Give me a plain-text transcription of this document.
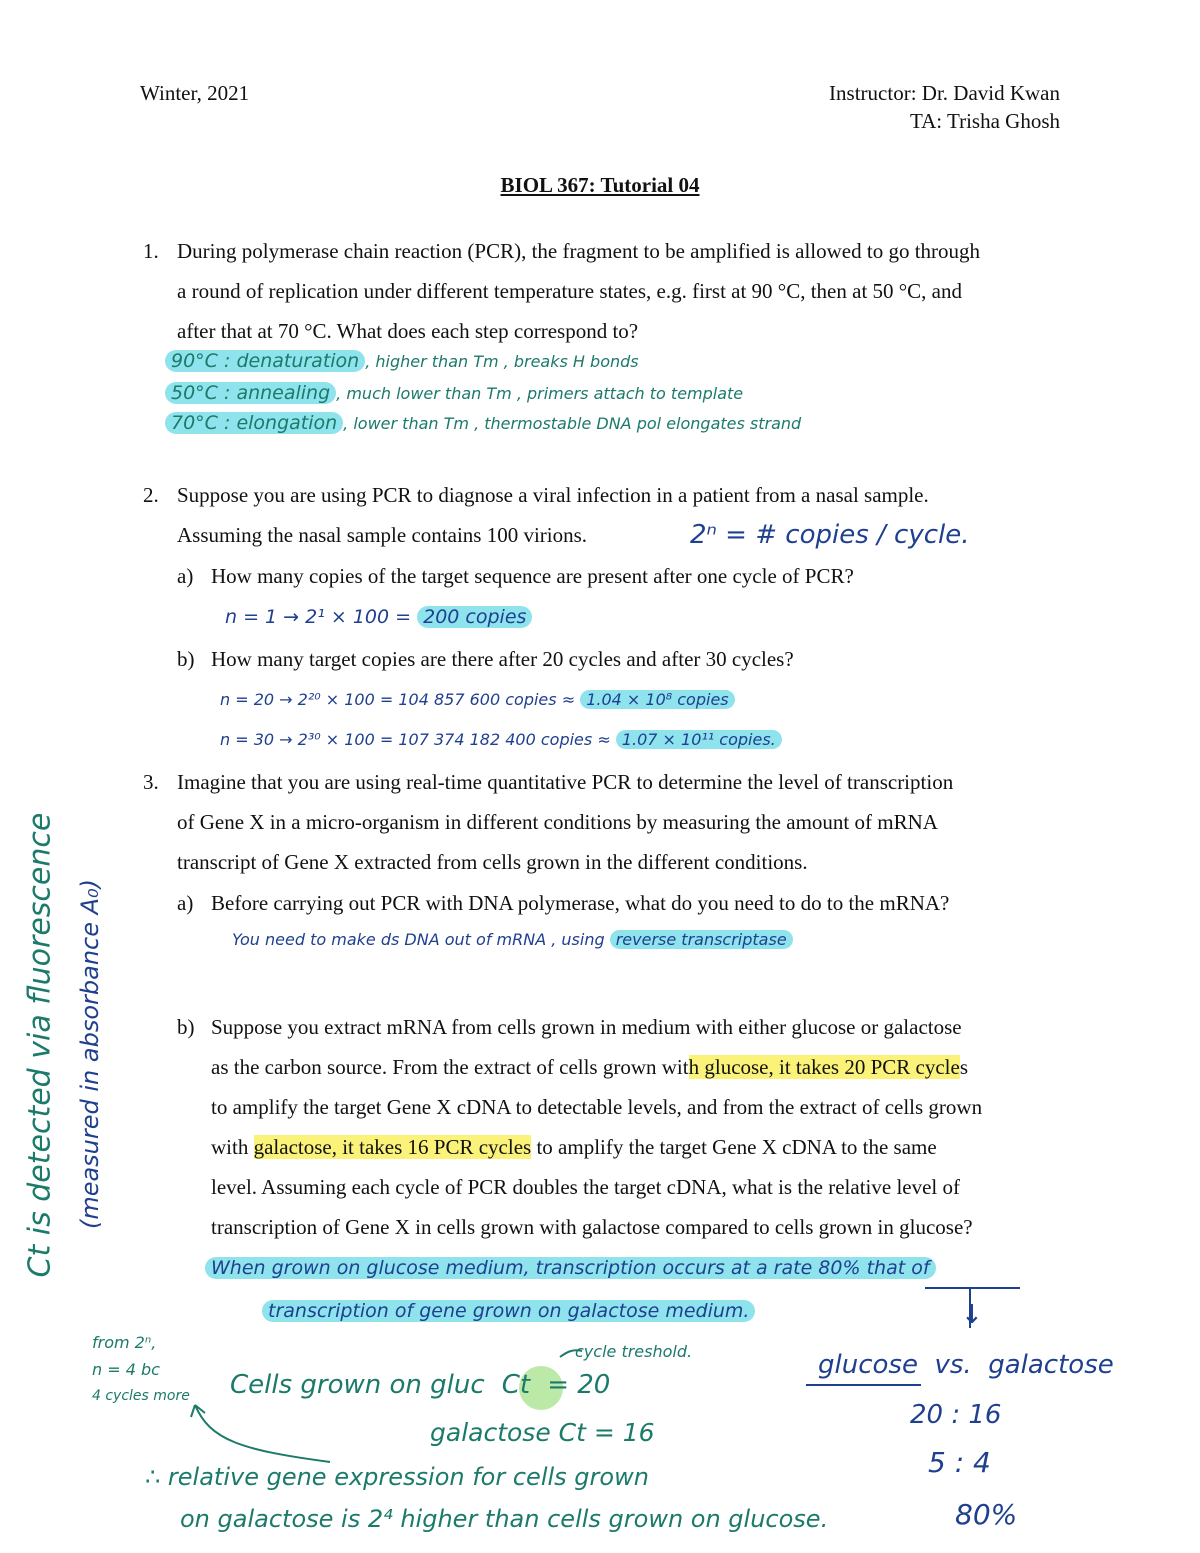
Winter, 2021	Instructor: Dr. David Kwan
TA: Trisha Ghosh
BIOL 367: Tutorial 04
1. During polymerase chain reaction (PCR), the fragment to be amplified is allowed to go through
a round of replication under different temperature states, e.g. first at 90 °C, then at 50 °C, and
after that at 70 °C. What does each step correspond to?
90°C : denaturation , higher than Tm , breaks H bonds
50°C : annealing , much lower than Tm , primers attach to template
70°C : elongation , lower than Tm , thermostable DNA pol elongates strand
2. Suppose you are using PCR to diagnose a viral infection in a patient from a nasal sample.
Assuming the nasal sample contains 100 virions.	2ⁿ = # copies / cycle.
a) How many copies of the target sequence are present after one cycle of PCR?
n = 1 → 2¹ × 100 = 200 copies
b) How many target copies are there after 20 cycles and after 30 cycles?
n = 20 → 2²⁰ × 100 = 104 857 600 copies ≈ 1.04 × 10⁸ copies
n = 30 → 2³⁰ × 100 = 107 374 182 400 copies ≈ 1.07 × 10¹¹ copies.
3. Imagine that you are using real-time quantitative PCR to determine the level of transcription
of Gene X in a micro-organism in different conditions by measuring the amount of mRNA
transcript of Gene X extracted from cells grown in the different conditions.
a) Before carrying out PCR with DNA polymerase, what do you need to do to the mRNA?
You need to make ds DNA out of mRNA , using reverse transcriptase
b) Suppose you extract mRNA from cells grown in medium with either glucose or galactose
as the carbon source. From the extract of cells grown with glucose, it takes 20 PCR cycles
to amplify the target Gene X cDNA to detectable levels, and from the extract of cells grown
with galactose, it takes 16 PCR cycles to amplify the target Gene X cDNA to the same
level. Assuming each cycle of PCR doubles the target cDNA, what is the relative level of
transcription of Gene X in cells grown with galactose compared to cells grown in glucose?
When grown on glucose medium, transcription occurs at a rate 80% that of
transcription of gene grown on galactose medium.
Ct is detected via fluorescence (measured in absorbance A₀)
from 2ⁿ,
n = 4 bc
4 cycles more
↓
Cells grown on gluc Ct = 20
cycle treshold.
galactose Ct = 16
∴ relative gene expression for cells grown
on galactose is 2⁴ higher than cells grown on glucose.
glucose vs. galactose
20 : 16
5 : 4
80%
